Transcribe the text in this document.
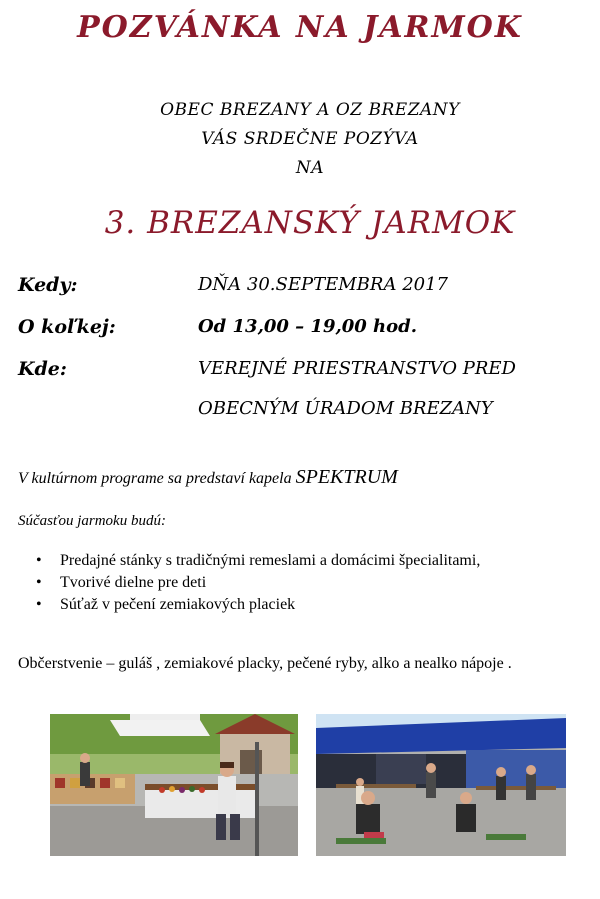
POZVÁNKA NA JARMOK
OBEC BREZANY A OZ BREZANY
VÁS SRDEČNE POZÝVA
NA
3. BREZANSKÝ JARMOK
Kedy:	DŇA 30.SEPTEMBRA 2017
O koľkej:	Od 13,00 – 19,00 hod.
Kde:	VEREJNÉ PRIESTRANSTVO PRED
OBECNÝM ÚRADOM BREZANY
V kultúrnom programe sa predstaví kapela SPEKTRUM
Súčasťou jarmoku budú:
• Predajné stánky s tradičnými remeslami a domácimi špecialitami,
• Tvorivé dielne pre deti
• Súťaž v pečení zemiakových placiek
Občerstvenie – guláš , zemiakové placky, pečené ryby, alko a nealko nápoje .
